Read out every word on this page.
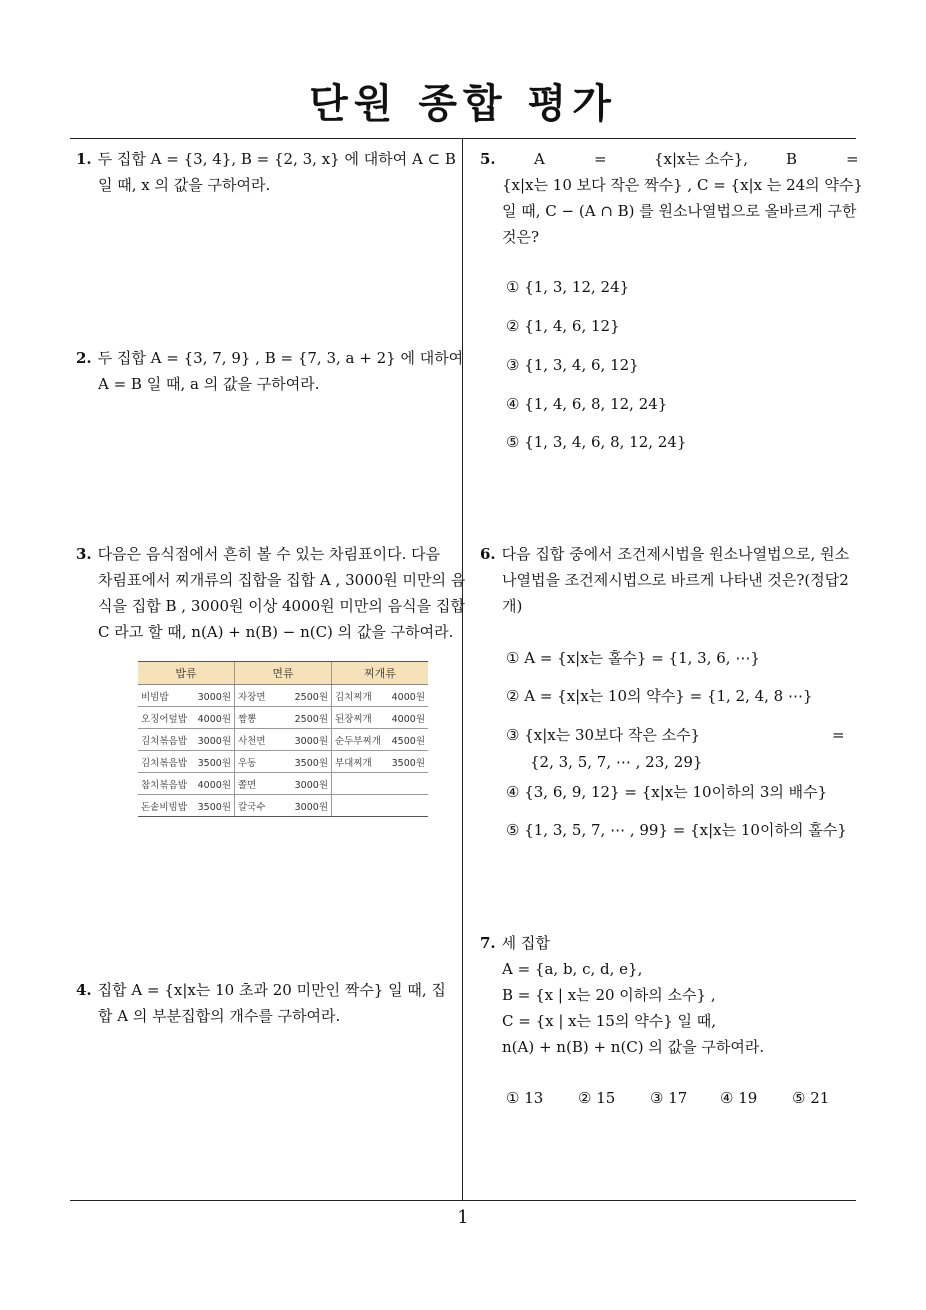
단원 종합 평가
1. 두 집합 A = {3, 4}, B = {2, 3, x} 에 대하여 A ⊂ B
일 때, x 의 값을 구하여라.
2. 두 집합 A = {3, 7, 9} , B = {7, 3, a + 2} 에 대하여
A = B 일 때, a 의 값을 구하여라.
3. 다음은 음식점에서 흔히 볼 수 있는 차림표이다. 다음
차림표에서 찌개류의 집합을 집합 A , 3000원 미만의 음
식을 집합 B , 3000원 이상 4000원 미만의 음식을 집합
C 라고 할 때, n(A) + n(B) − n(C) 의 값을 구하여라.
밥류	면류	찌개류
비빔밥 3000원	자장면 2500원	김치찌개 4000원
오징어덮밥 4000원	짬뽕 2500원	된장찌개 4000원
김치볶음밥 3000원	사천면 3000원	순두부찌개 4500원
김치볶음밥 3500원	우동 3500원	부대찌개 3500원
참치볶음밥 4000원	쫄면 3000원	
돈솥비빔밥 3500원	칼국수 3000원	
4. 집합 A = {x|x는 10 초과 20 미만인 짝수} 일 때, 집
합 A 의 부분집합의 개수를 구하여라.
5.	A	=	{x|x는 소수},	B	=
{x|x는 10 보다 작은 짝수} , C = {x|x 는 24의 약수}
일 때, C − (A ∩ B) 를 원소나열법으로 올바르게 구한
것은?
① {1, 3, 12, 24}
② {1, 4, 6, 12}
③ {1, 3, 4, 6, 12}
④ {1, 4, 6, 8, 12, 24}
⑤ {1, 3, 4, 6, 8, 12, 24}
6. 다음 집합 중에서 조건제시법을 원소나열법으로, 원소
나열법을 조건제시법으로 바르게 나타낸 것은?(정답2
개)
① A = {x|x는 홀수} = {1, 3, 6, ⋯}
② A = {x|x는 10의 약수} = {1, 2, 4, 8 ⋯}
③ {x|x는 30보다 작은 소수}	=
{2, 3, 5, 7, ⋯ , 23, 29}
④ {3, 6, 9, 12} = {x|x는 10이하의 3의 배수}
⑤ {1, 3, 5, 7, ⋯ , 99} = {x|x는 10이하의 홀수}
7. 세 집합
A = {a, b, c, d, e},
B = {x | x는 20 이하의 소수} ,
C = {x | x는 15의 약수} 일 때,
n(A) + n(B) + n(C) 의 값을 구하여라.
① 13 ② 15 ③ 17 ④ 19 ⑤ 21
1
